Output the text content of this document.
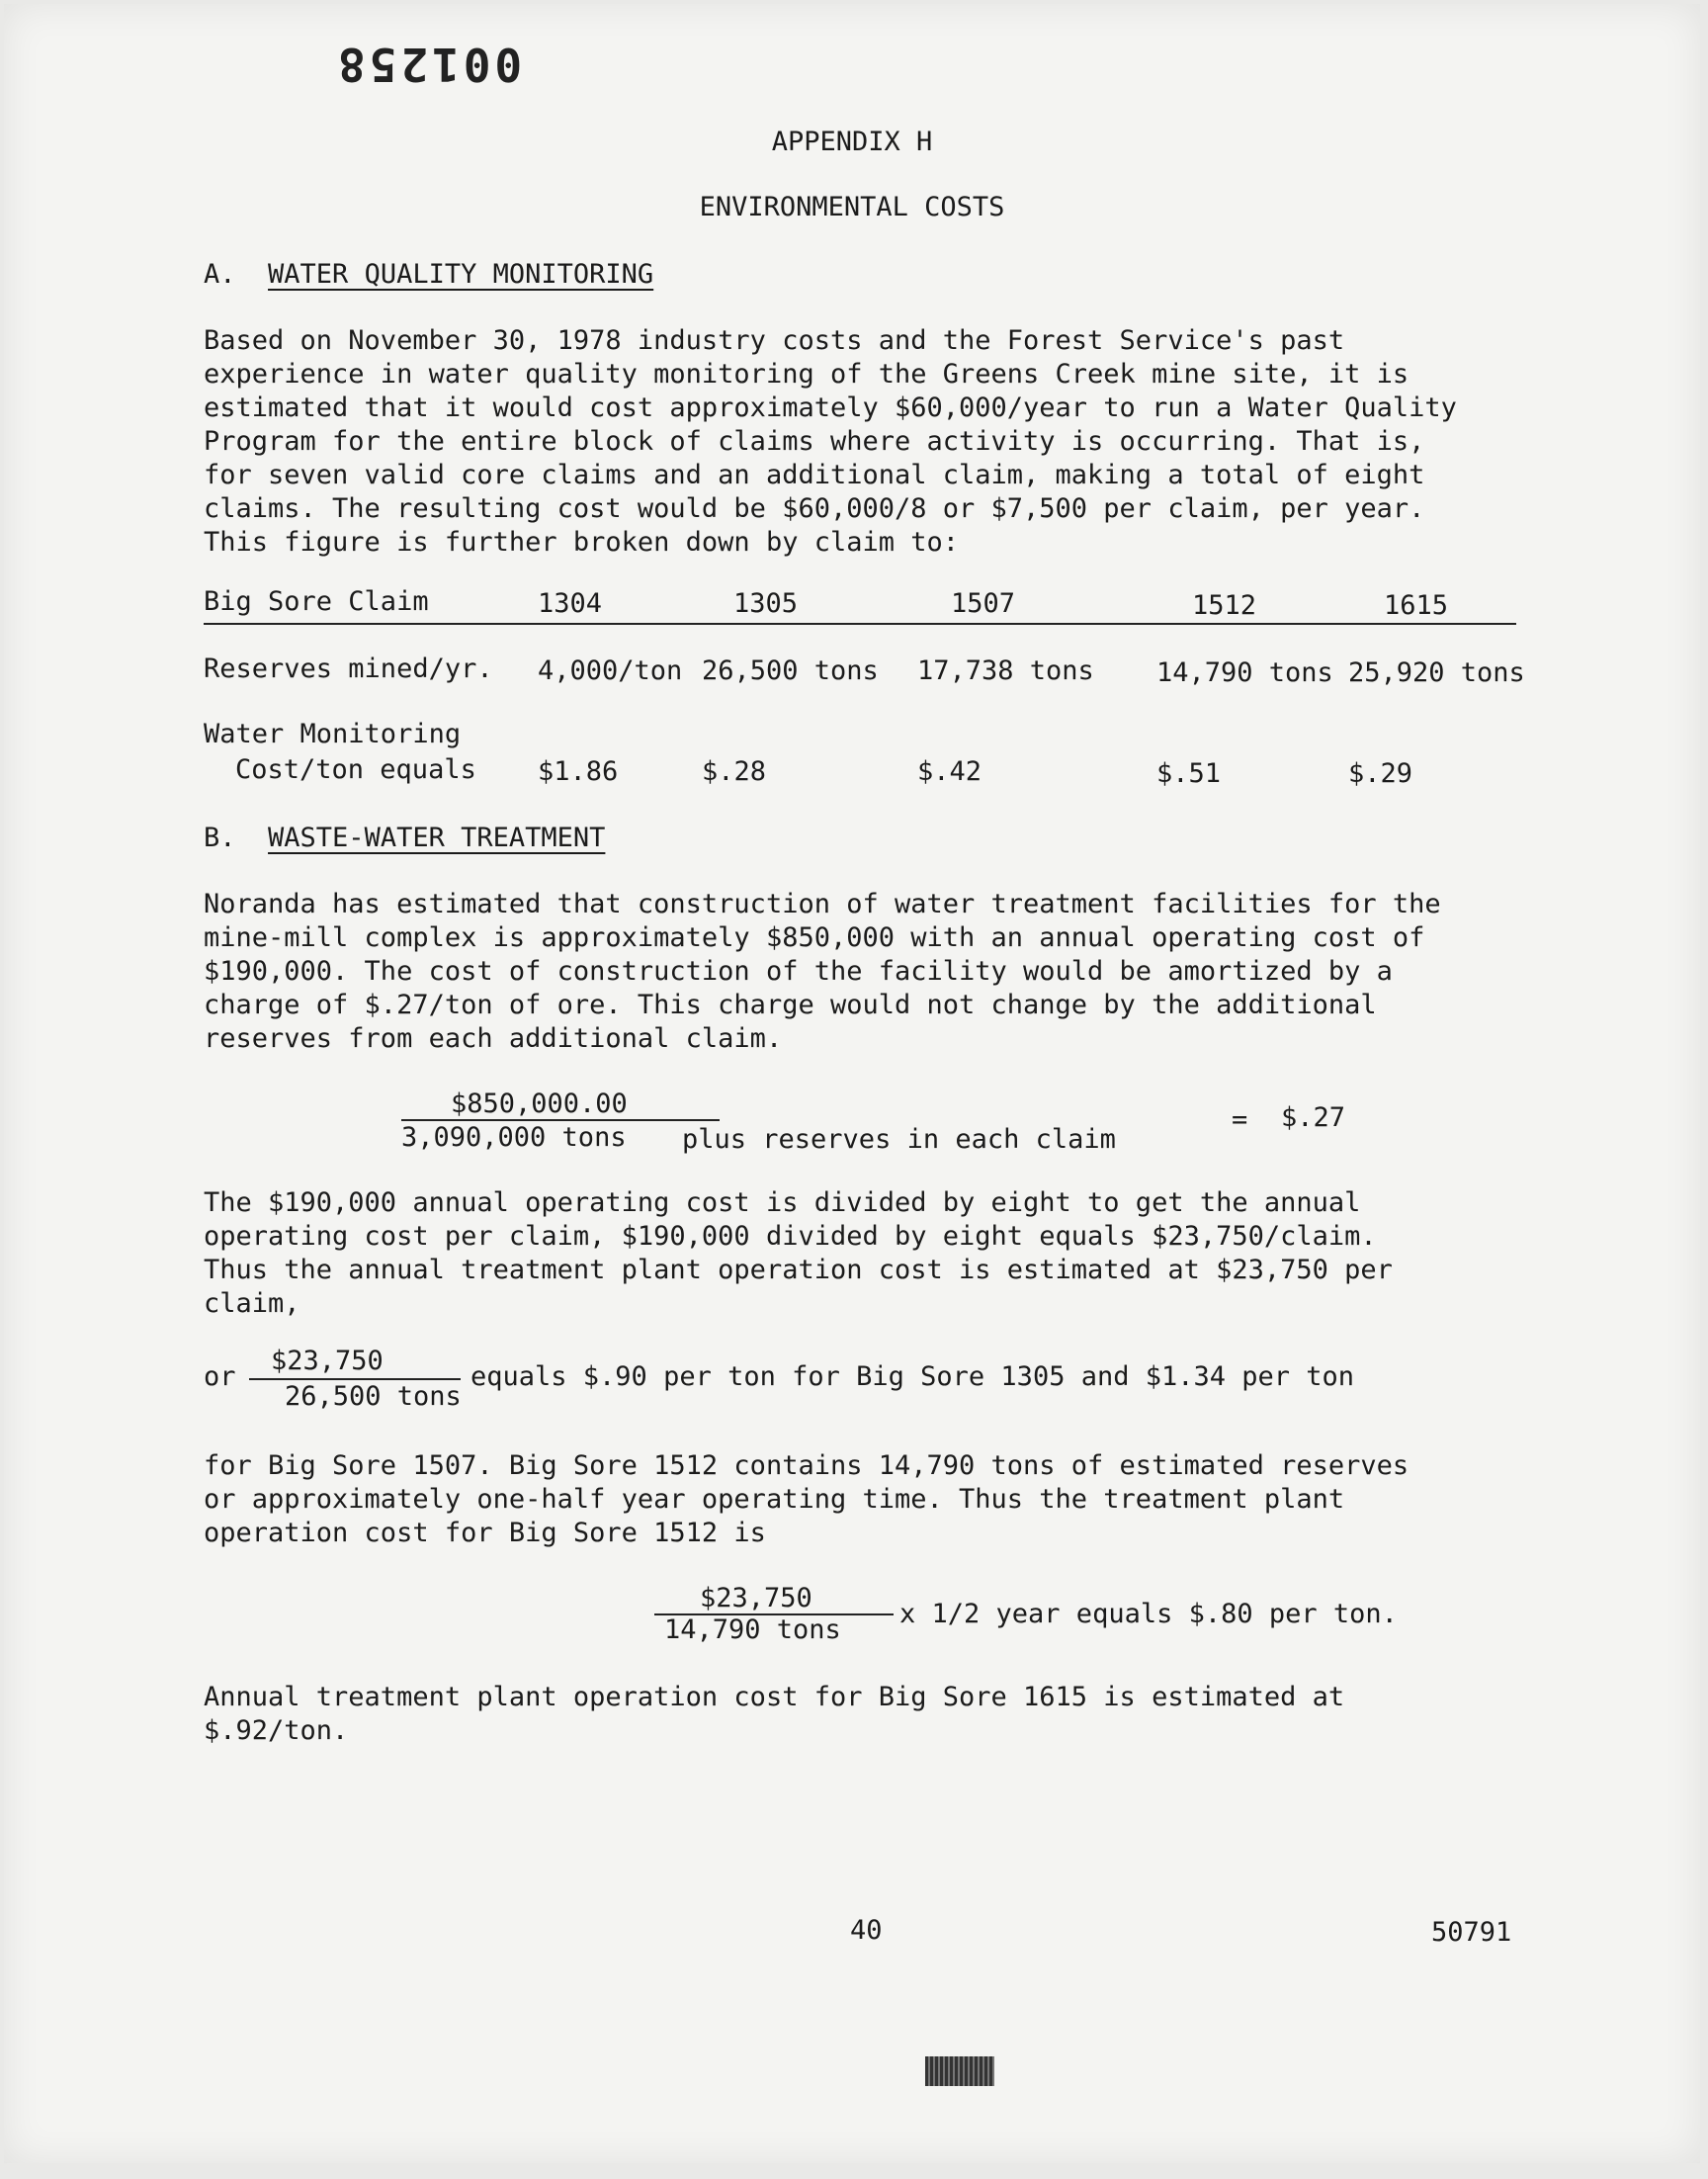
001258
APPENDIX H
ENVIRONMENTAL COSTS
A. WATER QUALITY MONITORING
Based on November 30, 1978 industry costs and the Forest Service's past
experience in water quality monitoring of the Greens Creek mine site, it is
estimated that it would cost approximately $60,000/year to run a Water Quality
Program for the entire block of claims where activity is occurring. That is,
for seven valid core claims and an additional claim, making a total of eight
claims. The resulting cost would be $60,000/8 or $7,500 per claim, per year.
This figure is further broken down by claim to:
Big Sore Claim	1304	1305	1507	1512	1615
Reserves mined/yr. 4,000/ton 26,500 tons 17,738 tons 14,790 tons 25,920 tons
Water Monitoring
Cost/ton equals $1.86	$.28	$.42	$.51	$.29
B. WASTE-WATER TREATMENT
Noranda has estimated that construction of water treatment facilities for the
mine-mill complex is approximately $850,000 with an annual operating cost of
$190,000. The cost of construction of the facility would be amortized by a
charge of $.27/ton of ore. This charge would not change by the additional
reserves from each additional claim.
$850,000.00
3,090,000 tons plus reserves in each claim
= $.27
The $190,000 annual operating cost is divided by eight to get the annual
operating cost per claim, $190,000 divided by eight equals $23,750/claim.
Thus the annual treatment plant operation cost is estimated at $23,750 per
claim,
or
$23,750
26,500 tons
equals $.90 per ton for Big Sore 1305 and $1.34 per ton
for Big Sore 1507. Big Sore 1512 contains 14,790 tons of estimated reserves
or approximately one-half year operating time. Thus the treatment plant
operation cost for Big Sore 1512 is
$23,750
14,790 tons
x 1/2 year equals $.80 per ton.
Annual treatment plant operation cost for Big Sore 1615 is estimated at
$.92/ton.
40	50791
